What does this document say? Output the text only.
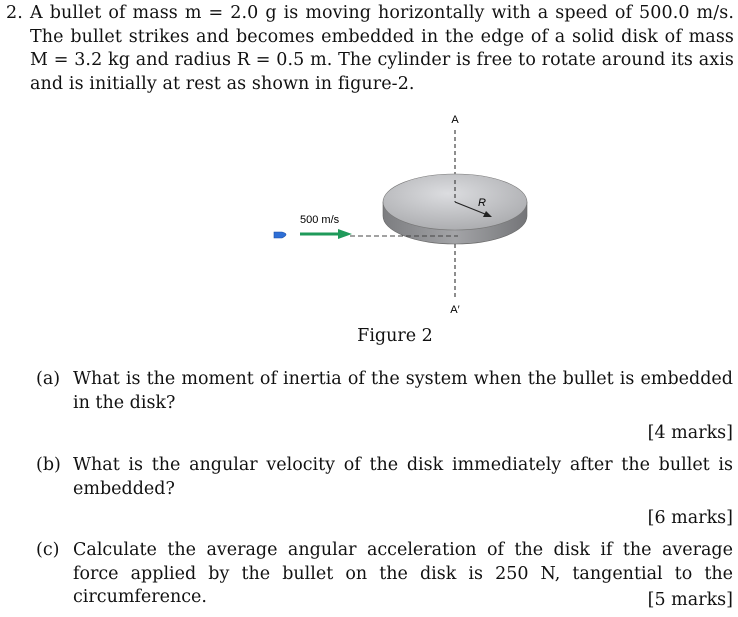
2. A bullet of mass m = 2.0 g is moving horizontally with a speed of 500.0 m/s. The bullet strikes and becomes embedded in the edge of a solid disk of mass M = 3.2 kg and radius R = 0.5 m. The cylinder is free to rotate around its axis and is initially at rest as shown in figure-2.
A
R
500 m/s
A′
Figure 2
(a) What is the moment of inertia of the system when the bullet is embedded in the disk?
[4 marks]
(b) What is the angular velocity of the disk immediately after the bullet is embedded?
[6 marks]
(c) Calculate the average angular acceleration of the disk if the average force applied by the bullet on the disk is 250 N, tangential to the circumference.	[5 marks]
